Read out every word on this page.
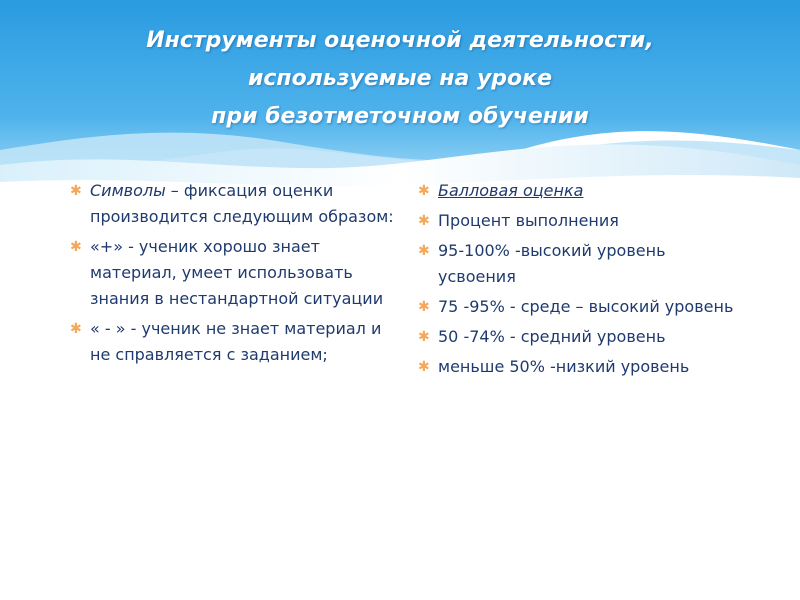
Инструменты оценочной деятельности,
используемые на уроке
при безотметочном обучении
✱ Символы – фиксация оценки производится следующим образом:
✱ «+» - ученик хорошо знает материал, умеет использовать знания в нестандартной ситуации
✱ « - » - ученик не знает материал и не справляется с заданием;
✱ Балловая оценка
✱ Процент выполнения
✱ 95-100% -высокий уровень усвоения
✱ 75 -95% - среде – высокий уровень
✱ 50 -74% - средний уровень
✱ меньше 50% -низкий уровень
